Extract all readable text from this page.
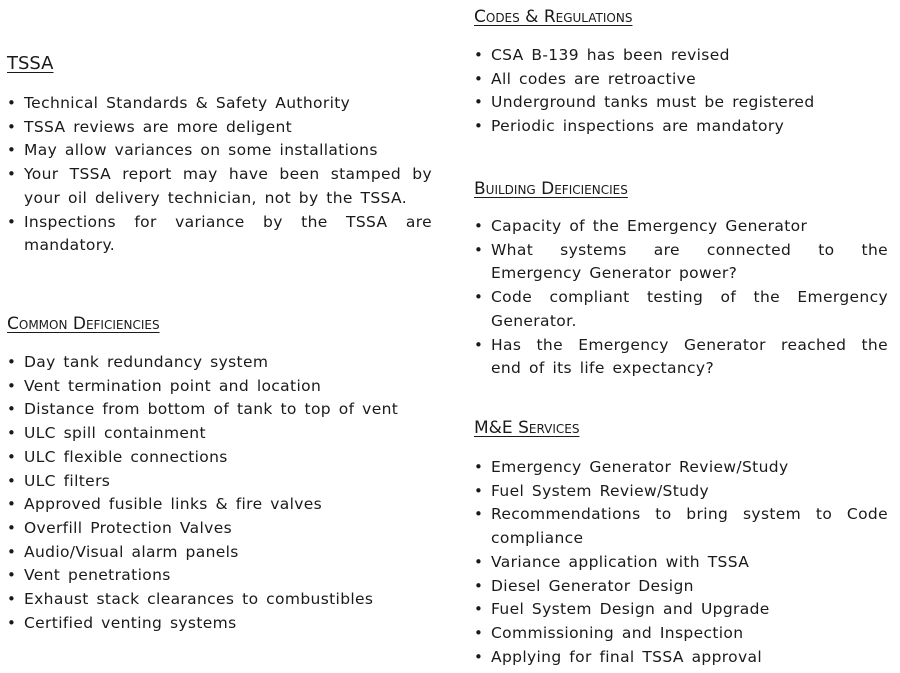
TSSA
• Technical Standards & Safety Authority
• TSSA reviews are more deligent
• May allow variances on some installations
• Your TSSA report may have been stamped by your oil delivery technician, not by the TSSA.
• Inspections for variance by the TSSA are mandatory.
Common Deficiencies
• Day tank redundancy system
• Vent termination point and location
• Distance from bottom of tank to top of vent
• ULC spill containment
• ULC flexible connections
• ULC filters
• Approved fusible links & fire valves
• Overfill Protection Valves
• Audio/Visual alarm panels
• Vent penetrations
• Exhaust stack clearances to combustibles
• Certified venting systems
Codes & Regulations
• CSA B-139 has been revised
• All codes are retroactive
• Underground tanks must be registered
• Periodic inspections are mandatory
Building Deficiencies
• Capacity of the Emergency Generator
• What systems are connected to the Emergency Generator power?
• Code compliant testing of the Emergency Generator.
• Has the Emergency Generator reached the end of its life expectancy?
M&E Services
• Emergency Generator Review/Study
• Fuel System Review/Study
• Recommendations to bring system to Code compliance
• Variance application with TSSA
• Diesel Generator Design
• Fuel System Design and Upgrade
• Commissioning and Inspection
• Applying for final TSSA approval
